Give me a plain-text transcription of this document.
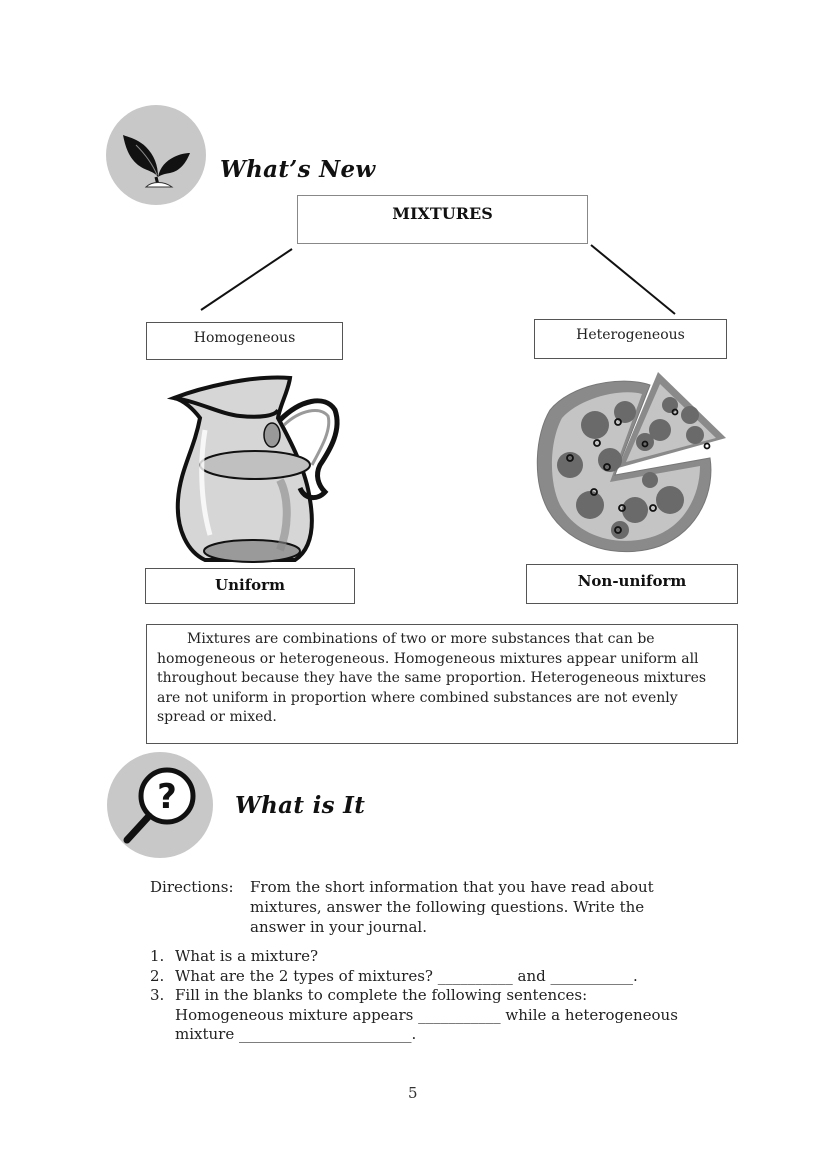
What’s New
MIXTURES
Homogeneous	Heterogeneous
Uniform	Non-uniform
Mixtures are combinations of two or more substances that can be homogeneous or heterogeneous. Homogeneous mixtures appear uniform all throughout because they have the same proportion. Heterogeneous mixtures are not uniform in proportion where combined substances are not evenly spread or mixed.
?	What is It
Directions:	From the short information that you have read about mixtures, answer the following questions. Write the answer in your journal.
1. What is a mixture?
2. What are the 2 types of mixtures? __________ and ___________.
3. Fill in the blanks to complete the following sentences:
Homogeneous mixture appears ___________ while a heterogeneous mixture _______________________.
5
